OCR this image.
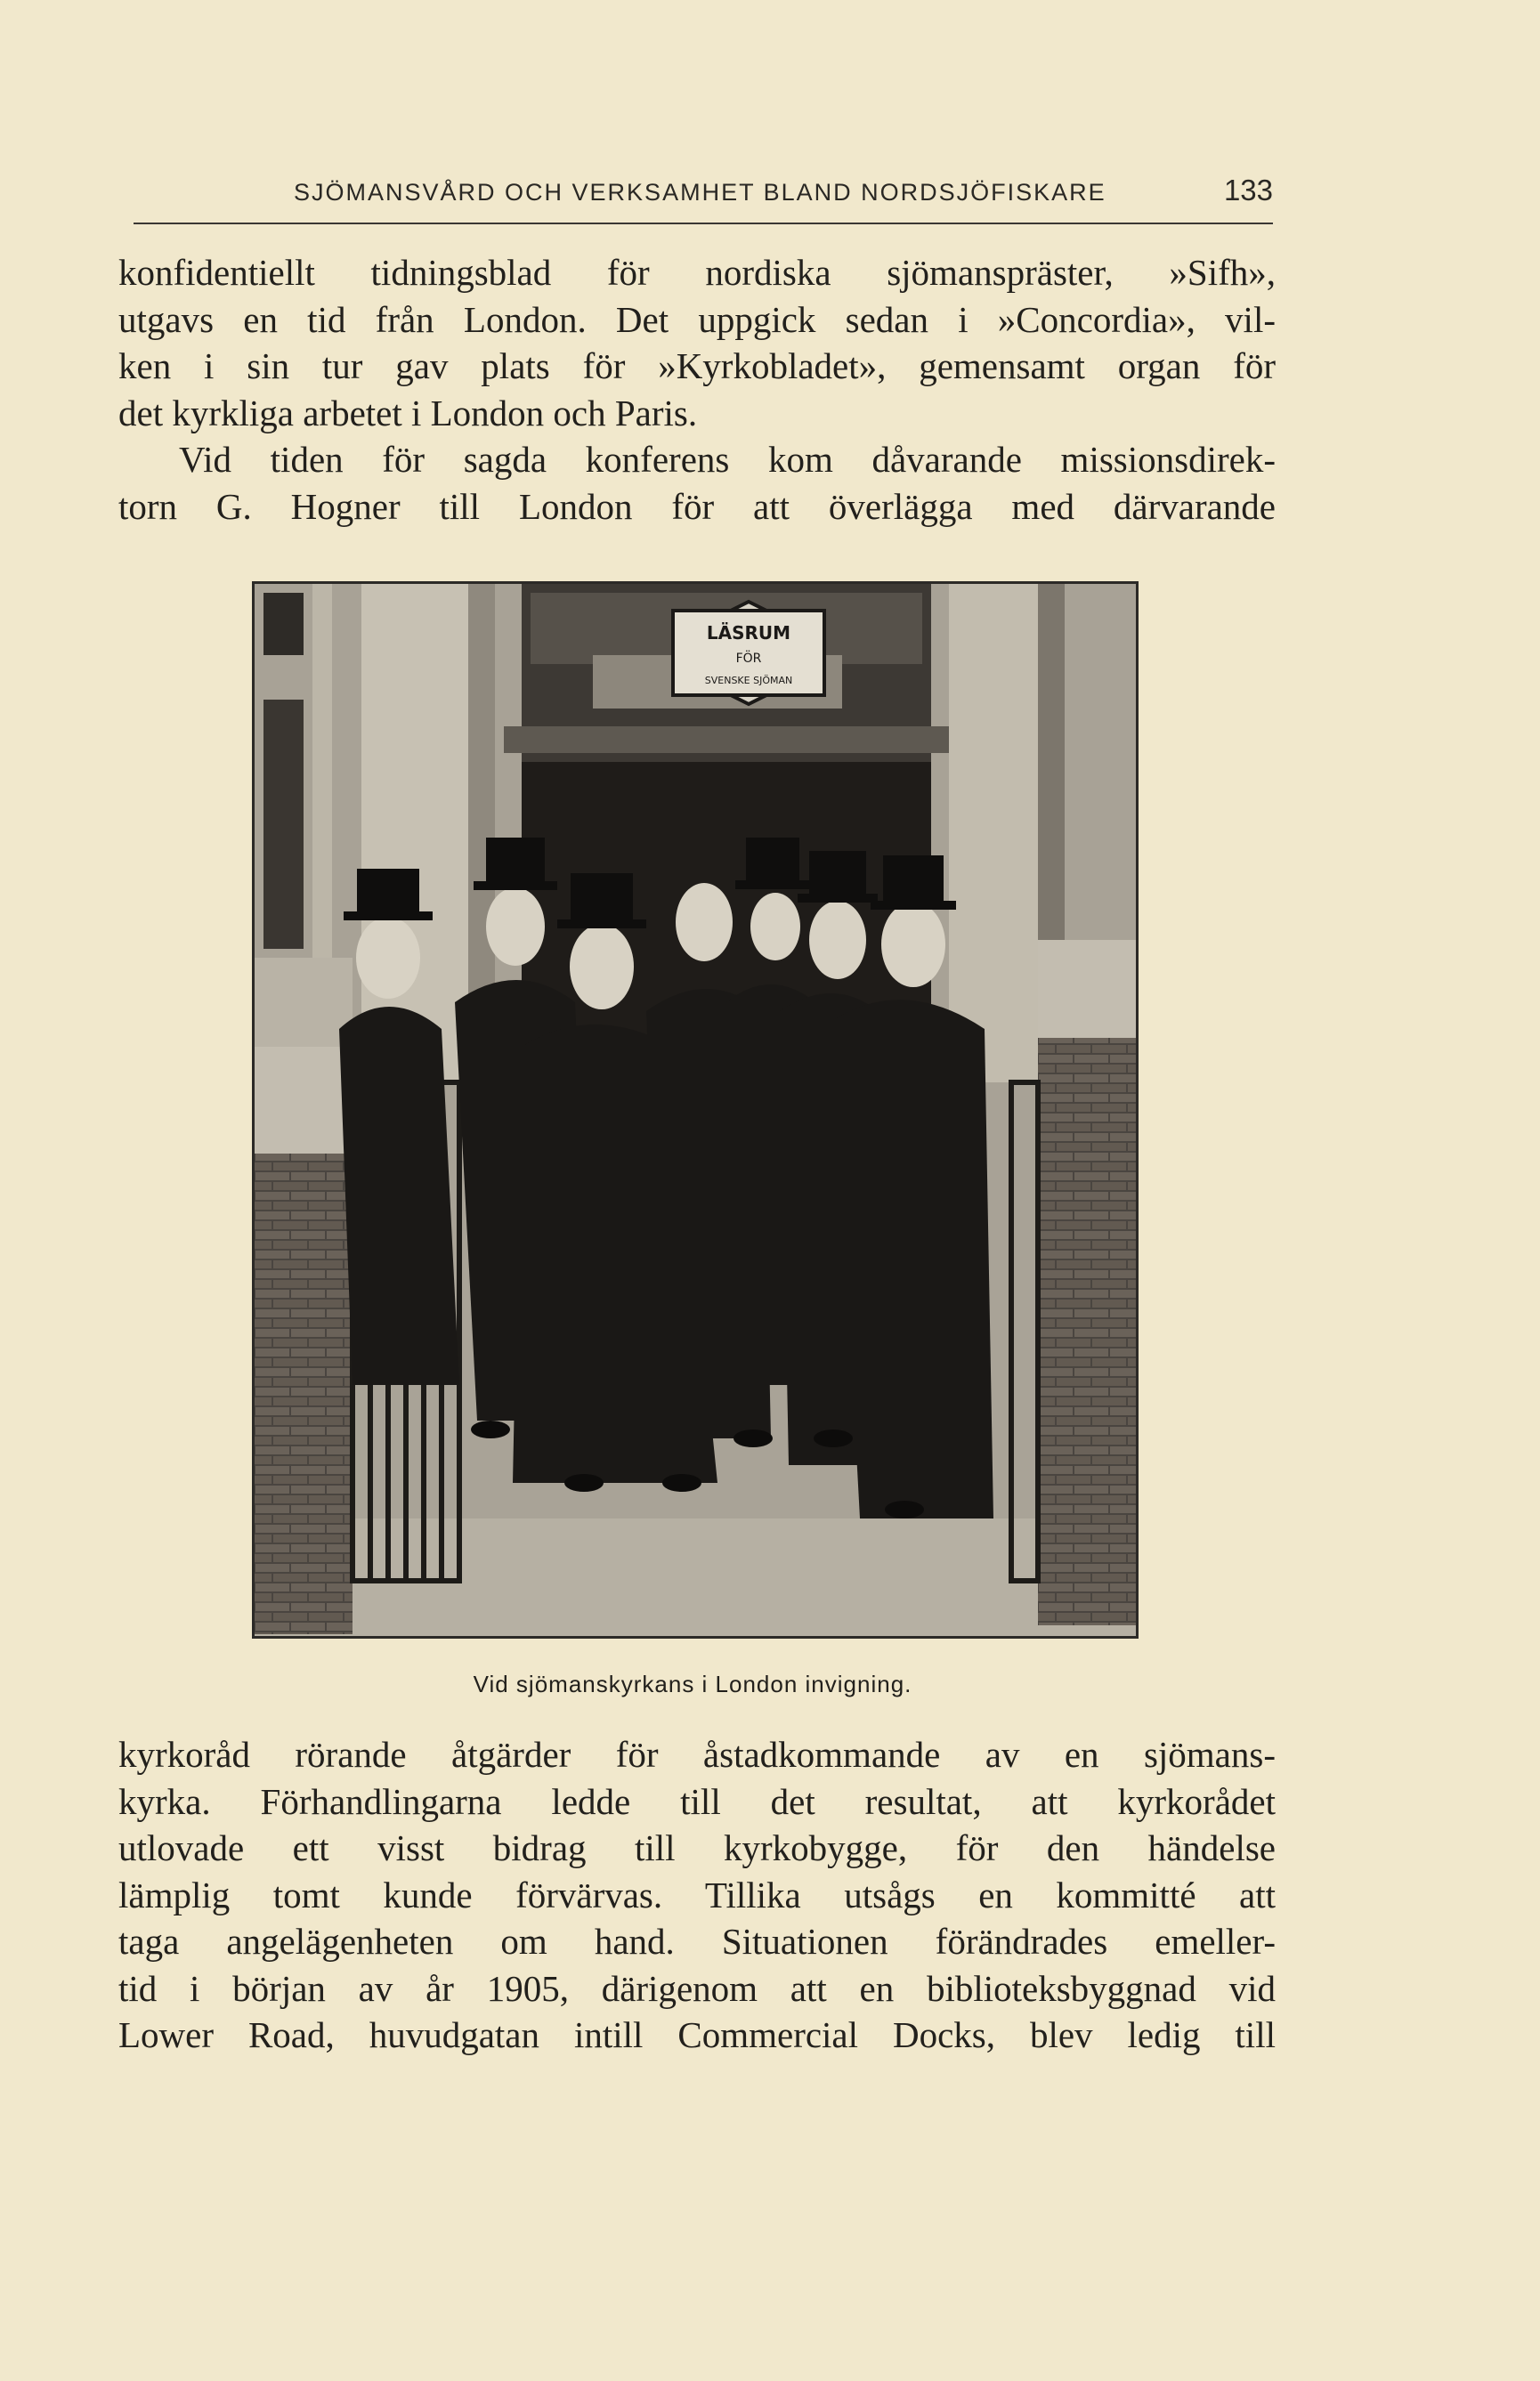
SJÖMANSVÅRD OCH VERKSAMHET BLAND NORDSJÖFISKARE	133

konfidentiellt tidningsblad för nordiska sjömanspräster, »Sifh»,
utgavs en tid från London. Det uppgick sedan i »Concordia», vil-
ken i sin tur gav plats för »Kyrkobladet», gemensamt organ för
det kyrkliga arbetet i London och Paris.

Vid tiden för sagda konferens kom dåvarande missionsdirek-
torn G. Hogner till London för att överlägga med därvarande

LÄSRUM
FÖR
SVENSKE SJÖMAN
Vid sjömanskyrkans i London invigning.

kyrkoråd rörande åtgärder för åstadkommande av en sjömans-
kyrka. Förhandlingarna ledde till det resultat, att kyrkorådet
utlovade ett visst bidrag till kyrkobygge, för den händelse
lämplig tomt kunde förvärvas. Tillika utsågs en kommitté att
taga angelägenheten om hand. Situationen förändrades emeller-
tid i början av år 1905, därigenom att en biblioteksbyggnad vid
Lower Road, huvudgatan intill Commercial Docks, blev ledig till
